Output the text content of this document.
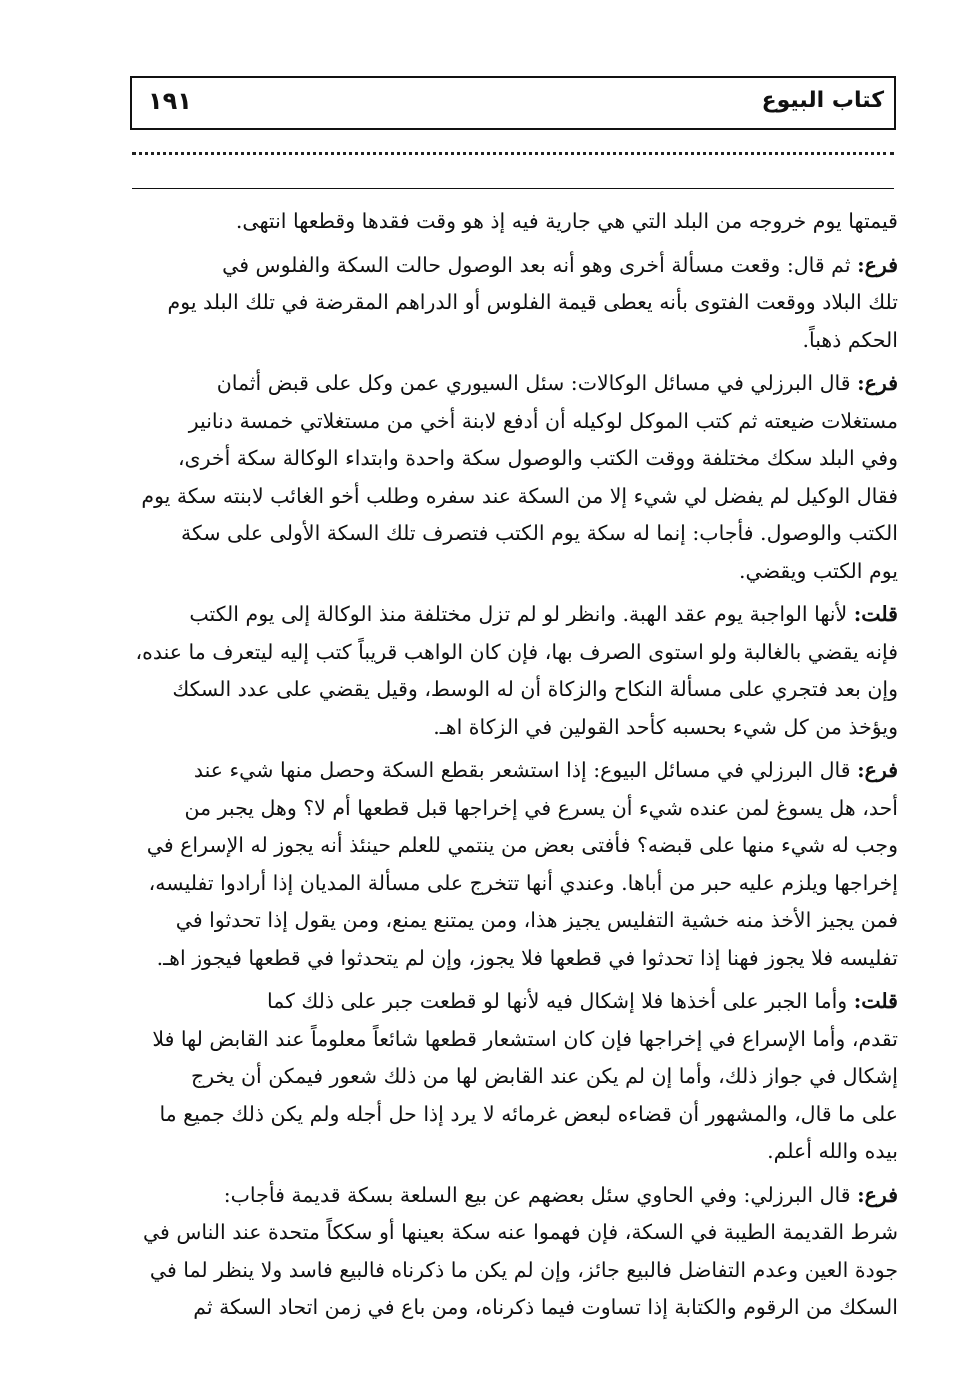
كتاب البيوع
١٩١
قيمتها يوم خروجه من البلد التي هي جارية فيه إذ هو وقت فقدها وقطعها انتهى.
فرع: ثم قال: وقعت مسألة أخرى وهو أنه بعد الوصول حالت السكة والفلوس في
تلك البلاد ووقعت الفتوى بأنه يعطى قيمة الفلوس أو الدراهم المقرضة في تلك البلد يوم
الحكم ذهباً.
فرع: قال البرزلي في مسائل الوكالات: سئل السيوري عمن وكل على قبض أثمان
مستغلات ضيعته ثم كتب الموكل لوكيله أن أدفع لابنة أخي من مستغلاتي خمسة دنانير
وفي البلد سكك مختلفة ووقت الكتب والوصول سكة واحدة وابتداء الوكالة سكة أخرى،
فقال الوكيل لم يفضل لي شيء إلا من السكة عند سفره وطلب أخو الغائب لابنته سكة يوم
الكتب والوصول. فأجاب: إنما له سكة يوم الكتب فتصرف تلك السكة الأولى على سكة
يوم الكتب ويقضي.
قلت: لأنها الواجبة يوم عقد الهبة. وانظر لو لم تزل مختلفة منذ الوكالة إلى يوم الكتب
فإنه يقضي بالغالبة ولو استوى الصرف بها، فإن كان الواهب قريباً كتب إليه ليتعرف ما عنده،
وإن بعد فتجري على مسألة النكاح والزكاة أن له الوسط، وقيل يقضي على عدد السكك
ويؤخذ من كل شيء بحسبه كأحد القولين في الزكاة اهـ.
فرع: قال البرزلي في مسائل البيوع: إذا استشعر بقطع السكة وحصل منها شيء عند
أحد، هل يسوغ لمن عنده شيء أن يسرع في إخراجها قبل قطعها أم لا؟ وهل يجبر من
وجب له شيء منها على قبضه؟ فأفتى بعض من ينتمي للعلم حينئذ أنه يجوز له الإسراع في
إخراجها ويلزم عليه حبر من أباها. وعندي أنها تتخرج على مسألة المديان إذا أرادوا تفليسه،
فمن يجيز الأخذ منه خشية التفليس يجيز هذا، ومن يمتنع يمنع، ومن يقول إذا تحدثوا في
تفليسه فلا يجوز فهنا إذا تحدثوا في قطعها فلا يجوز، وإن لم يتحدثوا في قطعها فيجوز اهـ.
قلت: وأما الجبر على أخذها فلا إشكال فيه لأنها لو قطعت جبر على ذلك كما
تقدم، وأما الإسراع في إخراجها فإن كان استشعار قطعها شائعاً معلوماً عند القابض لها فلا
إشكال في جواز ذلك، وأما إن لم يكن عند القابض لها من ذلك شعور فيمكن أن يخرج
على ما قال، والمشهور أن قضاءه لبعض غرمائه لا يرد إذا حل أجله ولم يكن ذلك جميع ما
بيده والله أعلم.
فرع: قال البرزلي: وفي الحاوي سئل بعضهم عن بيع السلعة بسكة قديمة فأجاب:
شرط القديمة الطيبة في السكة، فإن فهموا عنه سكة بعينها أو سككاً متحدة عند الناس في
جودة العين وعدم التفاضل فالبيع جائز، وإن لم يكن ما ذكرناه فالبيع فاسد ولا ينظر لما في
السكك من الرقوم والكتابة إذا تساوت فيما ذكرناه، ومن باع في زمن اتحاد السكة ثم
